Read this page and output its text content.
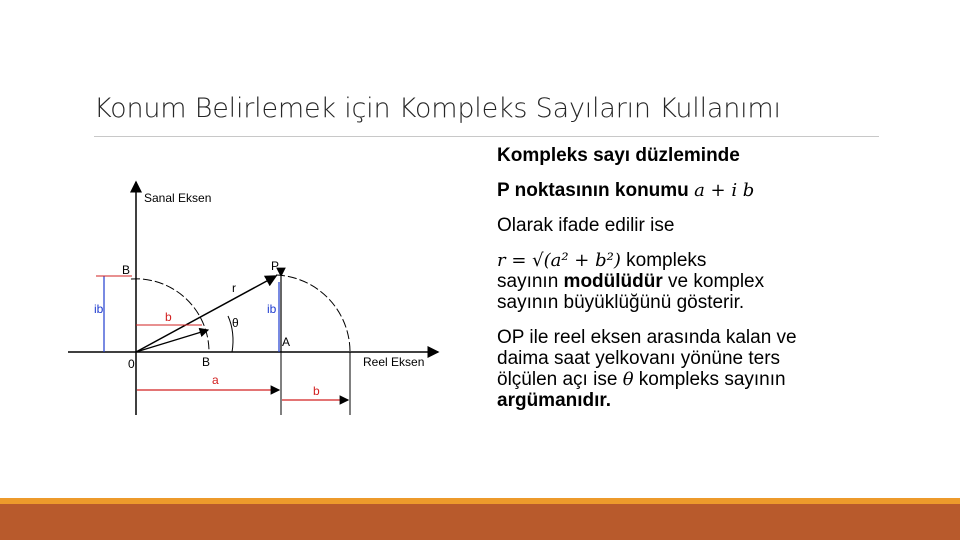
Konum Belirlemek için Kompleks Sayıların Kullanımı
Sanal Eksen
Reel Eksen
0
P
A
B
B
r
θ
ib	ib
b
a
b

Kompleks sayı düzleminde

P noktasının konumu a + i b

Olarak ifade edilir ise

r = √(a² + b²) kompleks

sayının modülüdür ve komplex

sayının büyüklüğünü gösterir.

OP ile reel eksen arasında kalan ve

daima saat yelkovanı yönüne ters

ölçülen açı ise θ kompleks sayının

argümanıdır.
